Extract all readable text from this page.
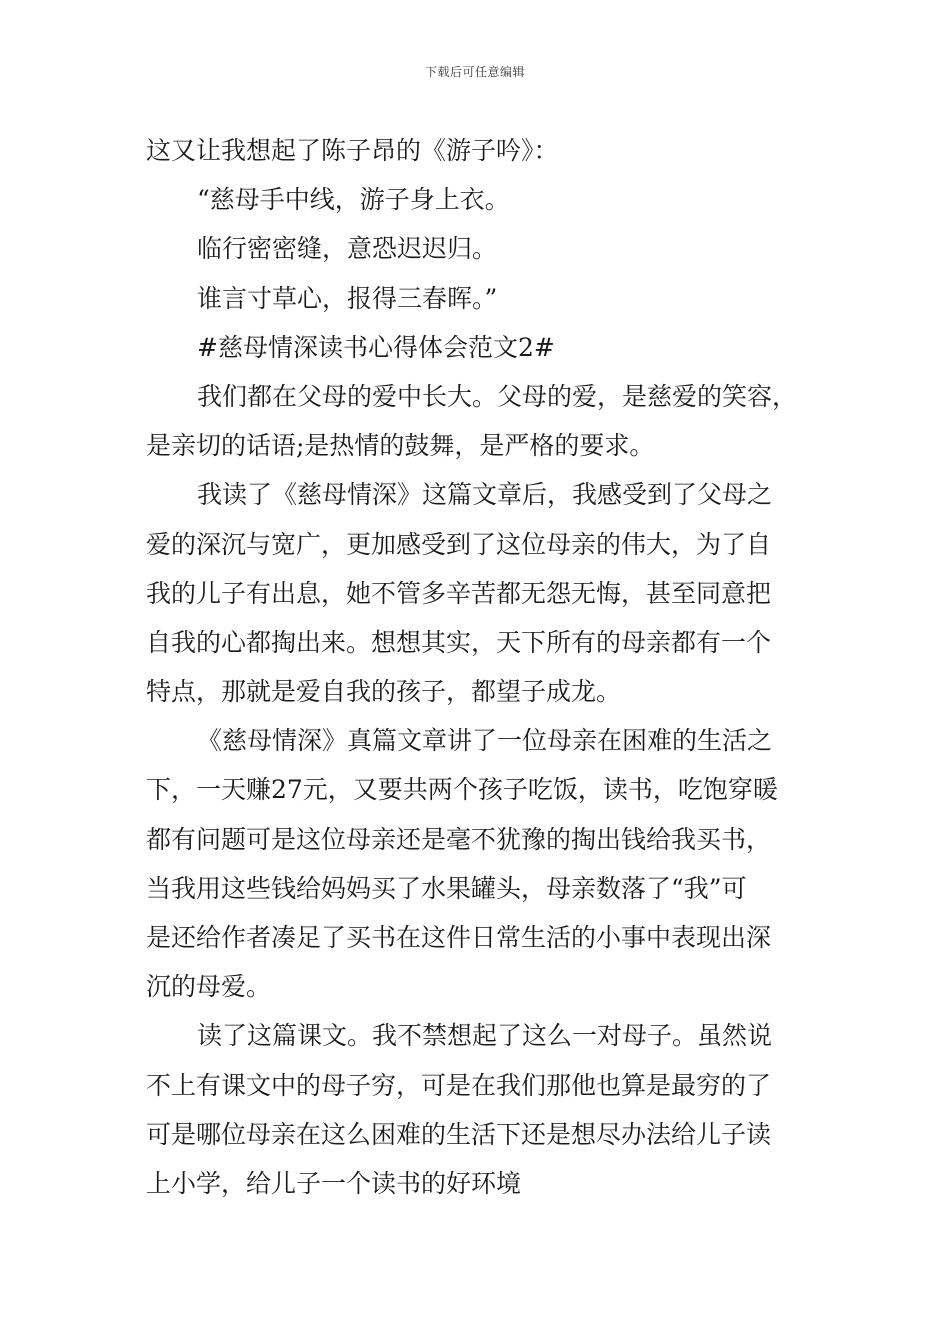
下载后可任意编辑
这又让我想起了陈子昂的《游子吟》：
“慈母手中线，游子身上衣。
临行密密缝，意恐迟迟归。
谁言寸草心，报得三春晖。”
#慈母情深读书心得体会范文2#
我们都在父母的爱中长大。父母的爱，是慈爱的笑容，
是亲切的话语;是热情的鼓舞，是严格的要求。
我读了《慈母情深》这篇文章后，我感受到了父母之
爱的深沉与宽广，更加感受到了这位母亲的伟大，为了自
我的儿子有出息，她不管多辛苦都无怨无悔，甚至同意把
自我的心都掏出来。想想其实，天下所有的母亲都有一个
特点，那就是爱自我的孩子，都望子成龙。
《慈母情深》真篇文章讲了一位母亲在困难的生活之
下，一天赚27元，又要共两个孩子吃饭，读书，吃饱穿暖
都有问题可是这位母亲还是毫不犹豫的掏出钱给我买书，
当我用这些钱给妈妈买了水果罐头，母亲数落了“我”可
是还给作者凑足了买书在这件日常生活的小事中表现出深
沉的母爱。
读了这篇课文。我不禁想起了这么一对母子。虽然说
不上有课文中的母子穷，可是在我们那他也算是最穷的了
可是哪位母亲在这么困难的生活下还是想尽办法给儿子读
上小学，给儿子一个读书的好环境
